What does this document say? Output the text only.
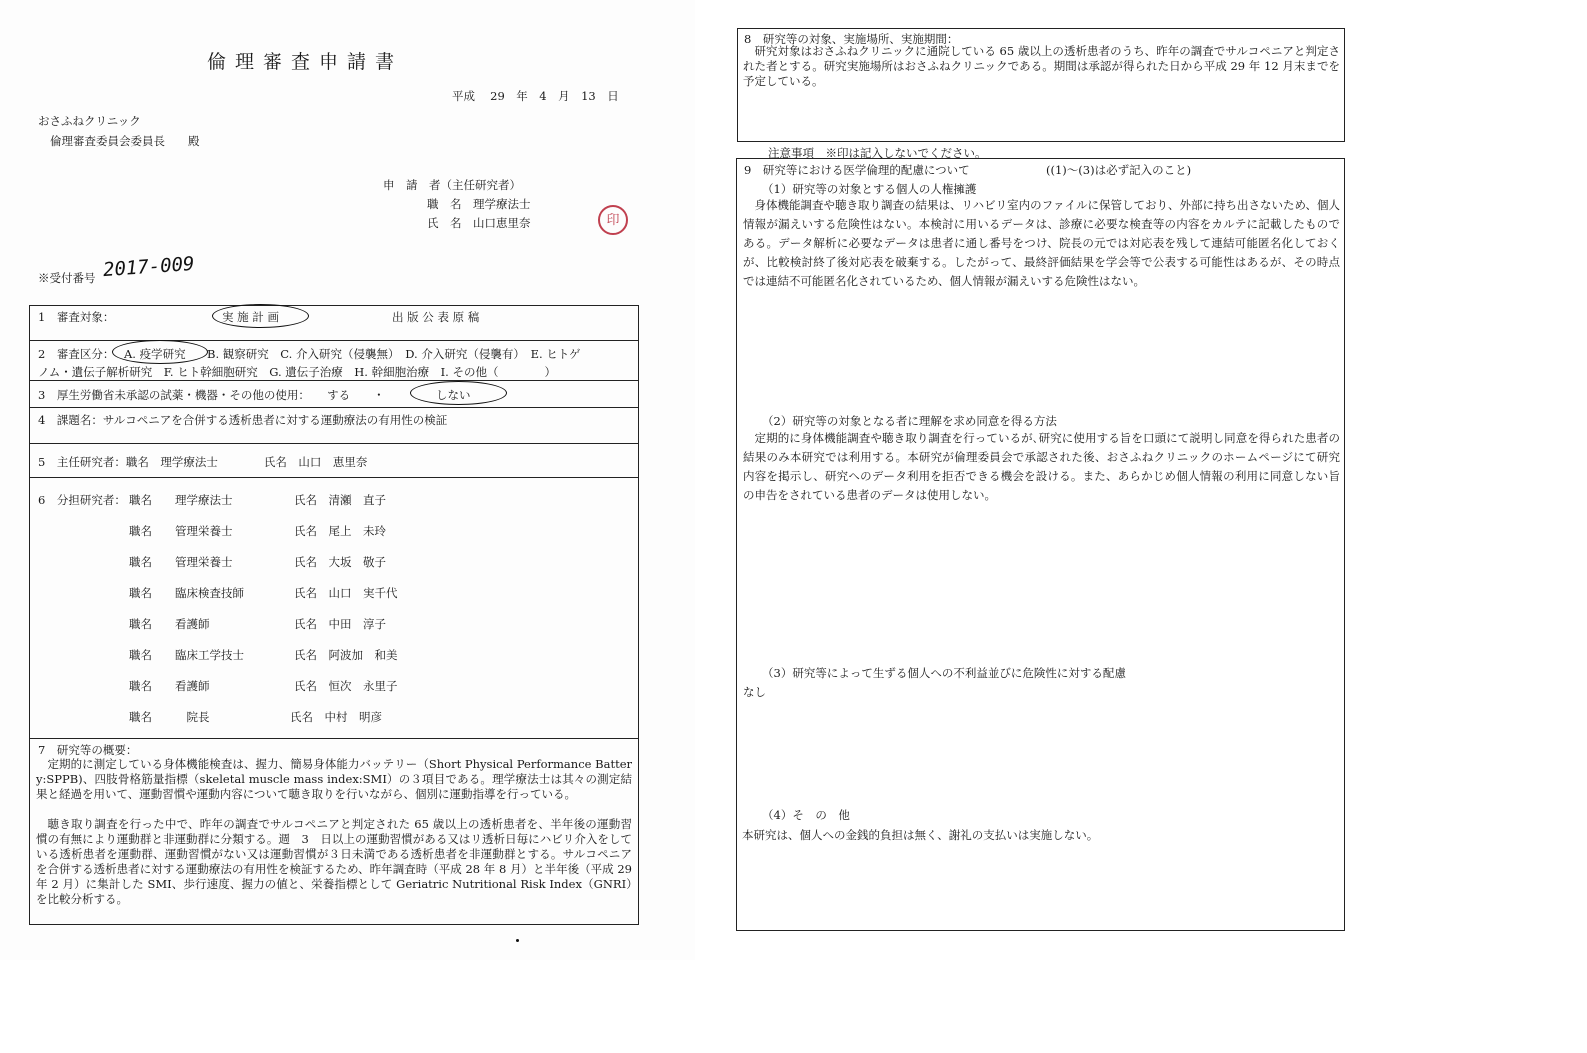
倫理審査申請書
平成　 29　年　4　月　13　日
おさふねクリニック
倫理審査委員会委員長　　殿
申　請　者（主任研究者）
職　名　理学療法士
氏　名　山口恵里奈	印
※受付番号 2017-009
1　審査対象：	実 施 計 画	出 版 公 表 原 稿
2　審査区分： A. 疫学研究 B. 観察研究　C. 介入研究（侵襲無）　D. 介入研究（侵襲有）　E. ヒトゲ
ノム・遺伝子解析研究　F. ヒト幹細胞研究　G. 遺伝子治療　H. 幹細胞治療　I. その他（　　　　）
3　厚生労働省未承認の試薬・機器・その他の使用：　　する　　・	しない
4　課題名：サルコペニアを合併する透析患者に対する運動療法の有用性の検証
5　主任研究者：職名　理学療法士　　　　氏名　山口　恵里奈
6　分担研究者： 職名　　理学療法士	氏名　清瀬　直子
職名　　管理栄養士	氏名　尾上　未玲
職名　　管理栄養士	氏名　大坂　敬子
職名　　臨床検査技師	氏名　山口　実千代
職名　　看護師	氏名　中田　淳子
職名　　臨床工学技士	氏名　阿波加　和美
職名　　看護師	氏名　恒次　永里子
職名　　　院長	氏名　中村　明彦
7　研究等の概要：
定期的に測定している身体機能検査は、握力、簡易身体能力バッテリー（Short Physical Performance Battery:SPPB)、四肢骨格筋量指標（skeletal muscle mass index:SMI）の３項目である。理学療法士は其々の測定結果と経過を用いて、運動習慣や運動内容について聴き取りを行いながら、個別に運動指導を行っている。
聴き取り調査を行った中で、昨年の調査でサルコペニアと判定された 65 歳以上の透析患者を、半年後の運動習慣の有無により運動群と非運動群に分類する。週　3　日以上の運動習慣がある又はリ透析日毎にハビリ介入をしている透析患者を運動群、運動習慣がない又は運動習慣が３日未満である透析患者を非運動群とする。サルコペニアを合併する透析患者に対する運動療法の有用性を検証するため、昨年調査時（平成 28 年 8 月）と半年後（平成 29 年 2 月）に集計した SMI、歩行速度、握力の値と、栄養指標として Geriatric Nutritional Risk Index（GNRI）を比較分析する。
8　研究等の対象、実施場所、実施期間：
研究対象はおさふねクリニックに通院している 65 歳以上の透析患者のうち、昨年の調査でサルコペニアと判定された者とする。研究実施場所はおさふねクリニックである。期間は承認が得られた日から平成 29 年 12 月末までを予定している。
注意事項　※印は記入しないでください。
9　研究等における医学倫理的配慮について	((1)～(3)は必ず記入のこと)
（1）研究等の対象とする個人の人権擁護
身体機能調査や聴き取り調査の結果は、リハビリ室内のファイルに保管しており、外部に持ち出さないため、個人情報が漏えいする危険性はない。本検討に用いるデータは、診療に必要な検査等の内容をカルテに記載したものである。データ解析に必要なデータは患者に通し番号をつけ、院長の元では対応表を残して連結可能匿名化しておくが、比較検討終了後対応表を破棄する。したがって、最終評価結果を学会等で公表する可能性はあるが、その時点では連結不可能匿名化されているため、個人情報が漏えいする危険性はない。
（2）研究等の対象となる者に理解を求め同意を得る方法
定期的に身体機能調査や聴き取り調査を行っているが､研究に使用する旨を口頭にて説明し同意を得られた患者の結果のみ本研究では利用する。本研究が倫理委員会で承認された後、おさふねクリニックのホームページにて研究内容を掲示し、研究へのデータ利用を拒否できる機会を設ける。また、あらかじめ個人情報の利用に同意しない旨の申告をされている患者のデータは使用しない。
（3）研究等によって生ずる個人への不利益並びに危険性に対する配慮
なし
（4）そ　の　他
本研究は、個人への金銭的負担は無く、謝礼の支払いは実施しない。
